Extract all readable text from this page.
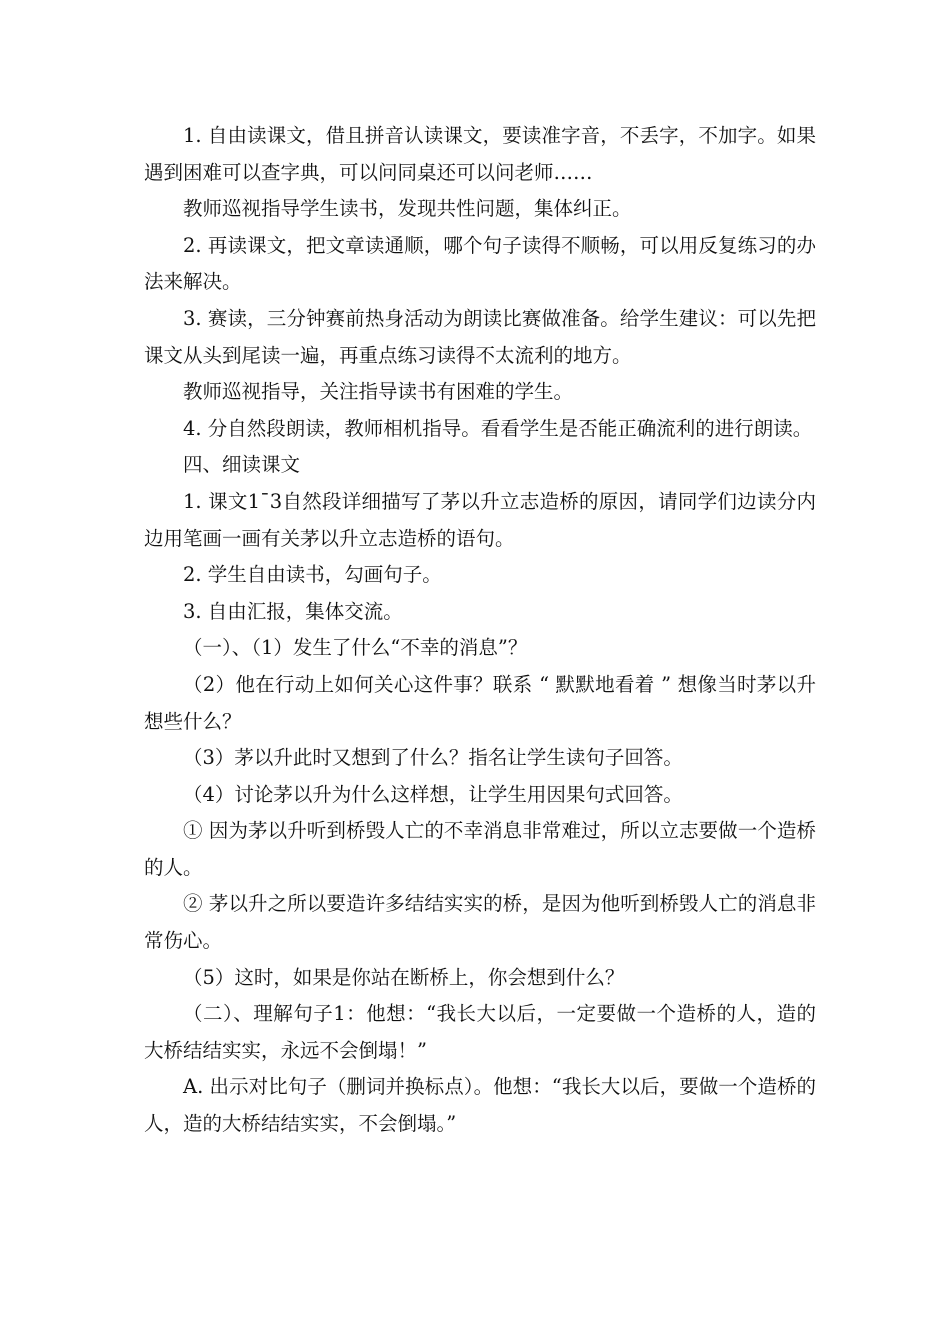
1. 自由读课文，借且拼音认读课文，要读准字音，不丢字，不加字。如果遇到困难可以查字典，可以问同桌还可以问老师……

教师巡视指导学生读书，发现共性问题，集体纠正。

2. 再读课文，把文章读通顺，哪个句子读得不顺畅，可以用反复练习的办法来解决。

3. 赛读，三分钟赛前热身活动为朗读比赛做准备。给学生建议：可以先把课文从头到尾读一遍，再重点练习读得不太流利的地方。

教师巡视指导，关注指导读书有困难的学生。

4. 分自然段朗读，教师相机指导。看看学生是否能正确流利的进行朗读。

四、细读课文

1. 课文1¯3自然段详细描写了茅以升立志造桥的原因，请同学们边读分内边用笔画一画有关茅以升立志造桥的语句。

2. 学生自由读书，勾画句子。

3. 自由汇报，集体交流。

（一）、（1）发生了什么“不幸的消息”？

（2）他在行动上如何关心这件事？联系 “ 默默地看着 ” 想像当时茅以升想些什么？

（3）茅以升此时又想到了什么？指名让学生读句子回答。

（4）讨论茅以升为什么这样想，让学生用因果句式回答。

① 因为茅以升听到桥毁人亡的不幸消息非常难过，所以立志要做一个造桥的人。

② 茅以升之所以要造许多结结实实的桥，是因为他听到桥毁人亡的消息非常伤心。

（5）这时，如果是你站在断桥上，你会想到什么？

（二）、理解句子1：他想：“我长大以后，一定要做一个造桥的人，造的大桥结结实实，永远不会倒塌！”

A. 出示对比句子（删词并换标点）。他想：“我长大以后，要做一个造桥的人，造的大桥结结实实，不会倒塌。”
